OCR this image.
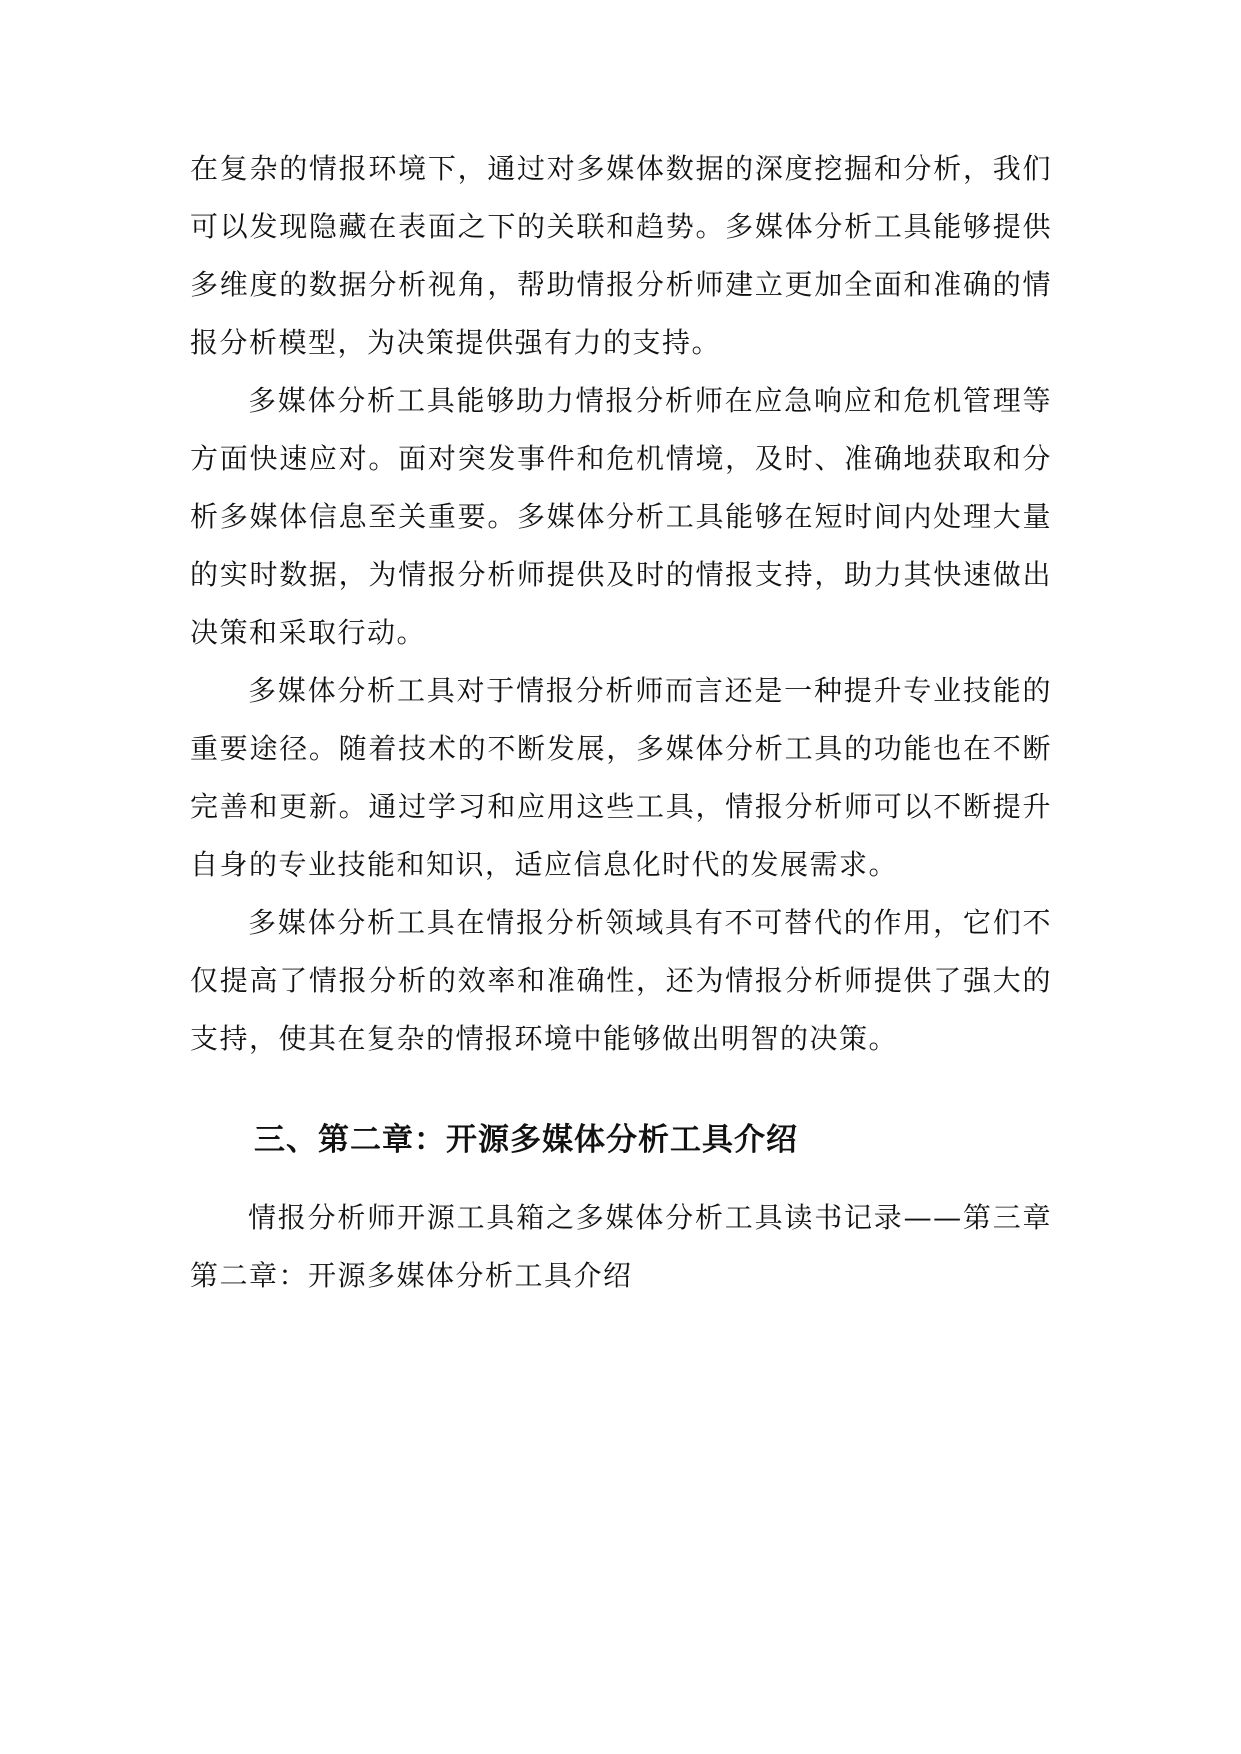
在复杂的情报环境下，通过对多媒体数据的深度挖掘和分析，我们可以发现隐藏在表面之下的关联和趋势。多媒体分析工具能够提供多维度的数据分析视角，帮助情报分析师建立更加全面和准确的情报分析模型，为决策提供强有力的支持。

多媒体分析工具能够助力情报分析师在应急响应和危机管理等方面快速应对。面对突发事件和危机情境，及时、准确地获取和分析多媒体信息至关重要。多媒体分析工具能够在短时间内处理大量的实时数据，为情报分析师提供及时的情报支持，助力其快速做出决策和采取行动。

多媒体分析工具对于情报分析师而言还是一种提升专业技能的重要途径。随着技术的不断发展，多媒体分析工具的功能也在不断完善和更新。通过学习和应用这些工具，情报分析师可以不断提升自身的专业技能和知识，适应信息化时代的发展需求。

多媒体分析工具在情报分析领域具有不可替代的作用，它们不仅提高了情报分析的效率和准确性，还为情报分析师提供了强大的支持，使其在复杂的情报环境中能够做出明智的决策。

三、第二章：开源多媒体分析工具介绍

情报分析师开源工具箱之多媒体分析工具读书记录——第三章第二章：开源多媒体分析工具介绍
